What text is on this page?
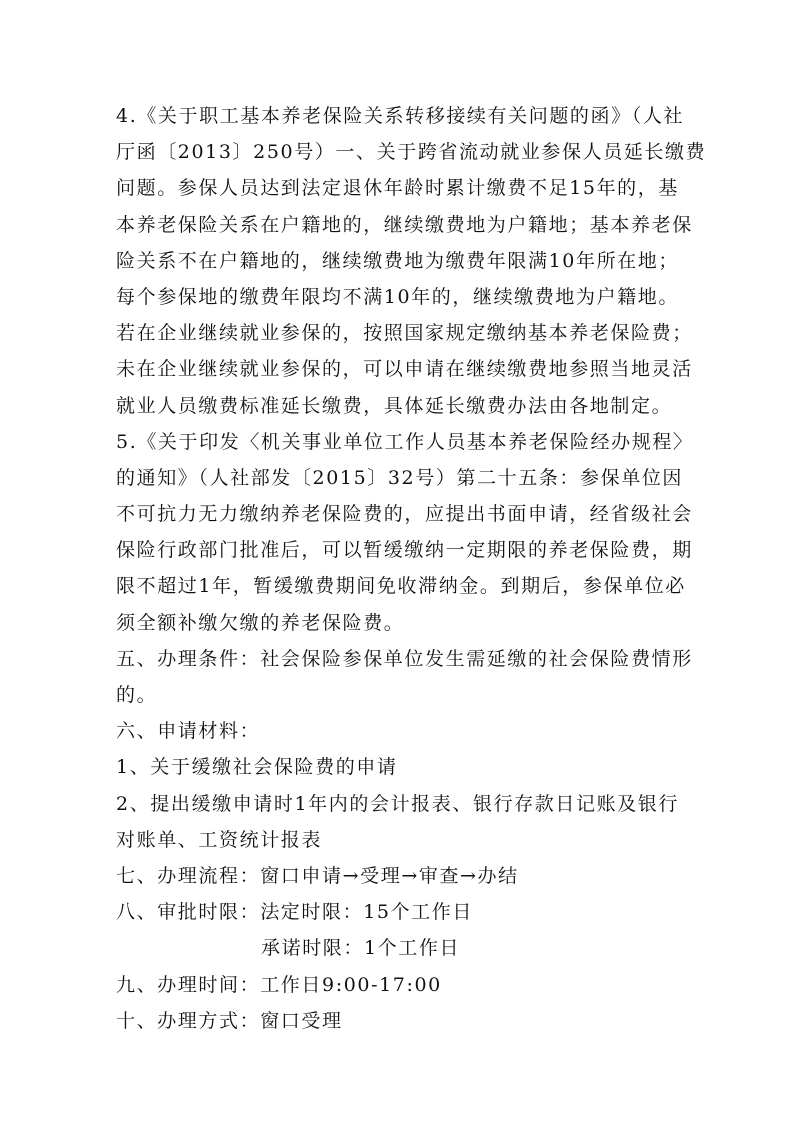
4.《关于职工基本养老保险关系转移接续有关问题的函》（人社
厅函〔2013〕250号）一、关于跨省流动就业参保人员延长缴费
问题。参保人员达到法定退休年龄时累计缴费不足15年的，基
本养老保险关系在户籍地的，继续缴费地为户籍地；基本养老保
险关系不在户籍地的，继续缴费地为缴费年限满10年所在地；
每个参保地的缴费年限均不满10年的，继续缴费地为户籍地。
若在企业继续就业参保的，按照国家规定缴纳基本养老保险费；
未在企业继续就业参保的，可以申请在继续缴费地参照当地灵活
就业人员缴费标准延长缴费，具体延长缴费办法由各地制定。
5.《关于印发〈机关事业单位工作人员基本养老保险经办规程〉
的通知》（人社部发〔2015〕32号）第二十五条：参保单位因
不可抗力无力缴纳养老保险费的，应提出书面申请，经省级社会
保险行政部门批准后，可以暂缓缴纳一定期限的养老保险费，期
限不超过1年，暂缓缴费期间免收滞纳金。到期后，参保单位必
须全额补缴欠缴的养老保险费。
五、办理条件：社会保险参保单位发生需延缴的社会保险费情形
的。
六、申请材料：
1、关于缓缴社会保险费的申请
2、提出缓缴申请时1年内的会计报表、银行存款日记账及银行
对账单、工资统计报表
七、办理流程：窗口申请→受理→审查→办结
八、审批时限：法定时限：15个工作日
承诺时限：1个工作日
九、办理时间：工作日9:00-17:00
十、办理方式：窗口受理
